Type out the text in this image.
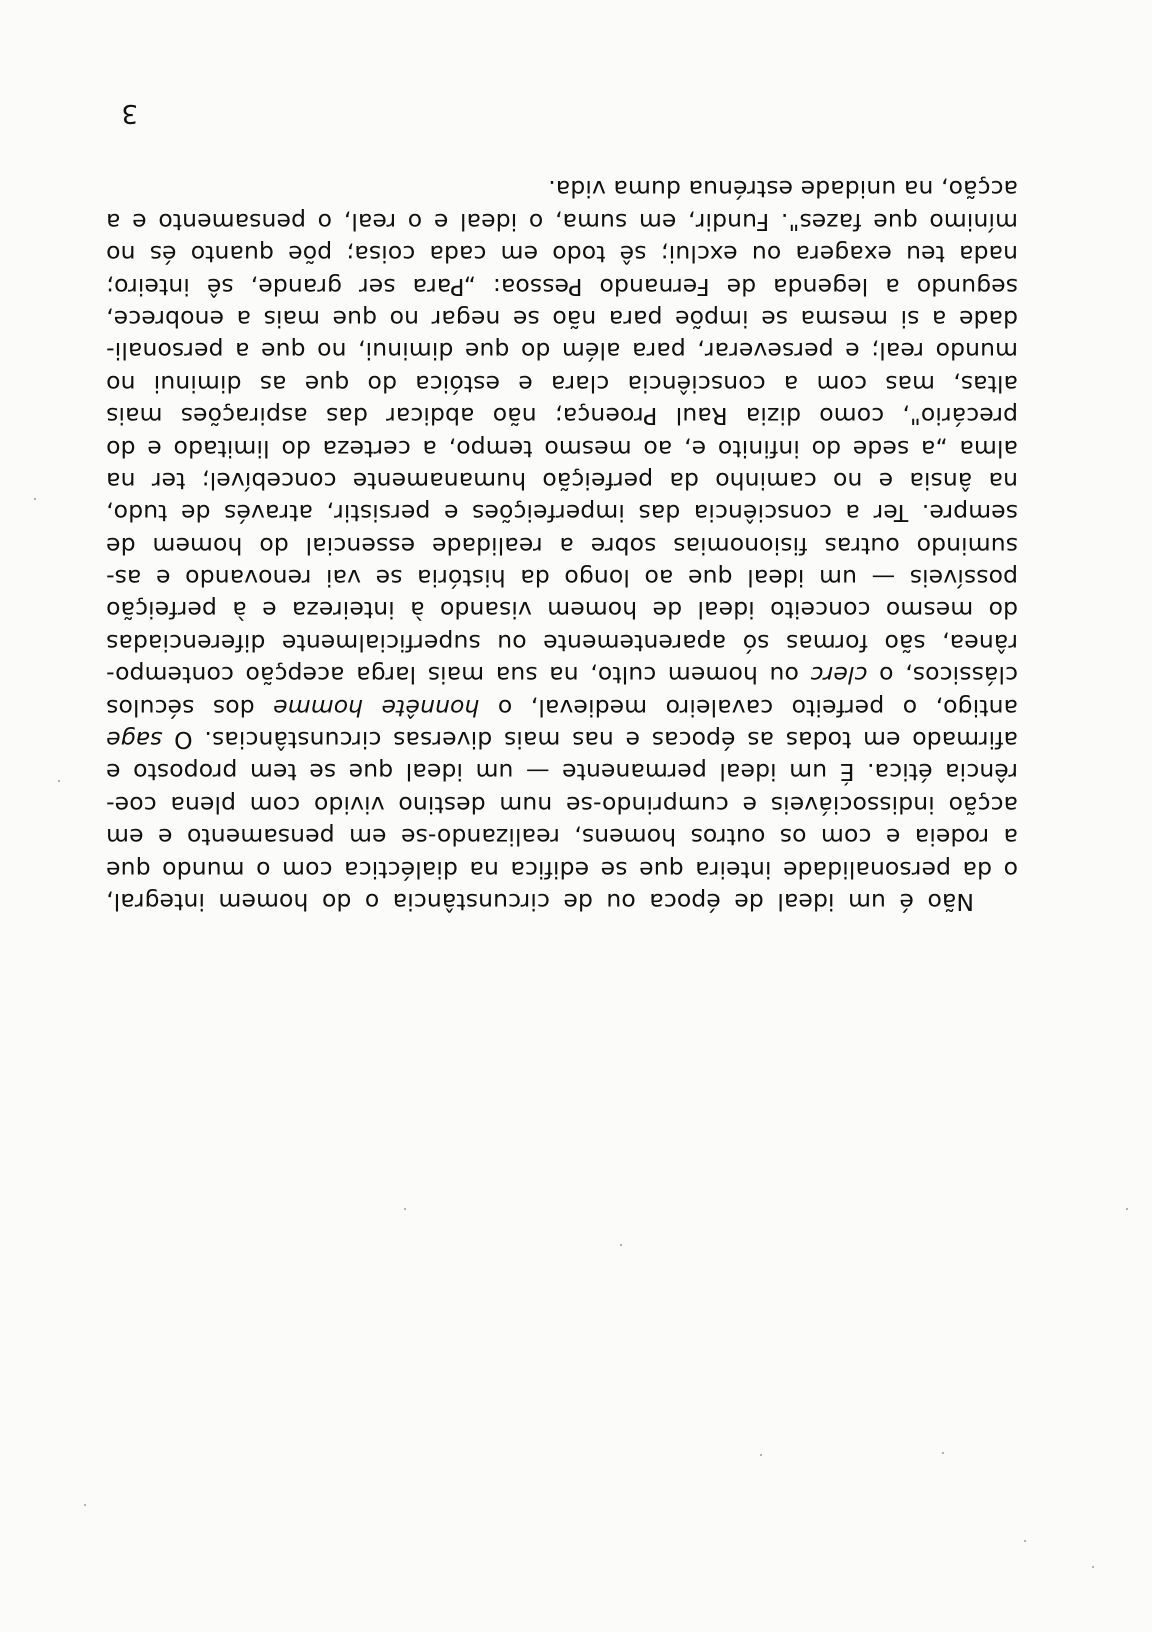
Não é um ideal de época ou de circunstância o do homem integral,
o da personalidade inteira que se edifica na dialéctica com o mundo que
a rodeia e com os outros homens, realizando-se em pensamento e em
acção indissociáveis e cumprindo-se num destino vivido com plena coe-
rência ética. É um ideal permanente — um ideal que se tem proposto e
afirmado em todas as épocas e nas mais diversas circunstâncias. O sage
antigo, o perfeito cavaleiro medieval, o honnête homme dos séculos
clássicos, o clerc ou homem culto, na sua mais larga acepção contempo-
rânea, são formas só aparentemente ou superficialmente diferenciadas
do mesmo conceito ideal de homem visando à inteireza e à perfeição
possíveis — um ideal que ao longo da história se vai renovando e as-
sumindo outras fisionomias sobre a realidade essencial do homem de
sempre. Ter a consciência das imperfeições e persistir, através de tudo,
na ânsia e no caminho da perfeição humanamente concebível; ter na
alma „a sede do infinito e, ao mesmo tempo, a certeza do limitado e do
precário", como dizia Raul Proença; não abdicar das aspirações mais
altas, mas com a consciência clara e estóica do que as diminui no
mundo real; e perseverar, para além do que diminui, no que a personali-
dade a si mesma se impõe para não se negar no que mais a enobrece,
segundo a legenda de Fernando Pessoa: „Para ser grande, sê inteiro;
nada teu exagera ou exclui; sê todo em cada coisa; põe quanto és no
mínimo que fazes". Fundir, em suma, o ideal e o real, o pensamento e a
acção, na unidade estrénua duma vida.
3
